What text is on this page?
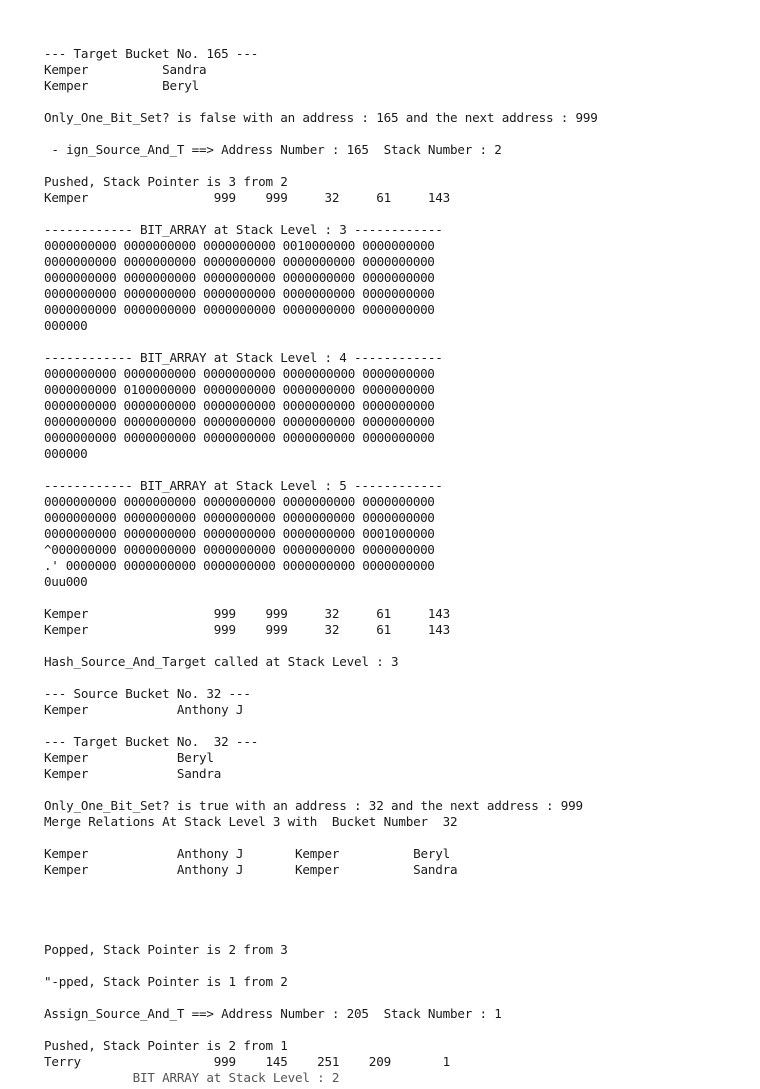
--- Target Bucket No. 165 ---
Kemper          Sandra
Kemper          Beryl
Only_One_Bit_Set? is false with an address : 165 and the next address : 999
- ign_Source_And_T ==> Address Number : 165  Stack Number : 2
Pushed, Stack Pointer is 3 from 2
Kemper                 999    999     32     61     143
------------ BIT_ARRAY at Stack Level : 3 ------------
0000000000 0000000000 0000000000 0010000000 0000000000
0000000000 0000000000 0000000000 0000000000 0000000000
0000000000 0000000000 0000000000 0000000000 0000000000
0000000000 0000000000 0000000000 0000000000 0000000000
0000000000 0000000000 0000000000 0000000000 0000000000
000000
------------ BIT_ARRAY at Stack Level : 4 ------------
0000000000 0000000000 0000000000 0000000000 0000000000
0000000000 0100000000 0000000000 0000000000 0000000000
0000000000 0000000000 0000000000 0000000000 0000000000
0000000000 0000000000 0000000000 0000000000 0000000000
0000000000 0000000000 0000000000 0000000000 0000000000
000000
------------ BIT_ARRAY at Stack Level : 5 ------------
0000000000 0000000000 0000000000 0000000000 0000000000
0000000000 0000000000 0000000000 0000000000 0000000000
0000000000 0000000000 0000000000 0000000000 0001000000
^000000000 0000000000 0000000000 0000000000 0000000000
.' 0000000 0000000000 0000000000 0000000000 0000000000
0uu000
Kemper                 999    999     32     61     143
Kemper                 999    999     32     61     143
Hash_Source_And_Target called at Stack Level : 3
--- Source Bucket No. 32 ---
Kemper            Anthony J
--- Target Bucket No.  32 ---
Kemper            Beryl
Kemper            Sandra
Only_One_Bit_Set? is true with an address : 32 and the next address : 999
Merge Relations At Stack Level 3 with  Bucket Number  32
Kemper            Anthony J       Kemper          Beryl
Kemper            Anthony J       Kemper          Sandra
Popped, Stack Pointer is 2 from 3
"-pped, Stack Pointer is 1 from 2
Assign_Source_And_T ==> Address Number : 205  Stack Number : 1
Pushed, Stack Pointer is 2 from 1
Terry                  999    145    251    209       1
BIT ARRAY at Stack Level : 2
